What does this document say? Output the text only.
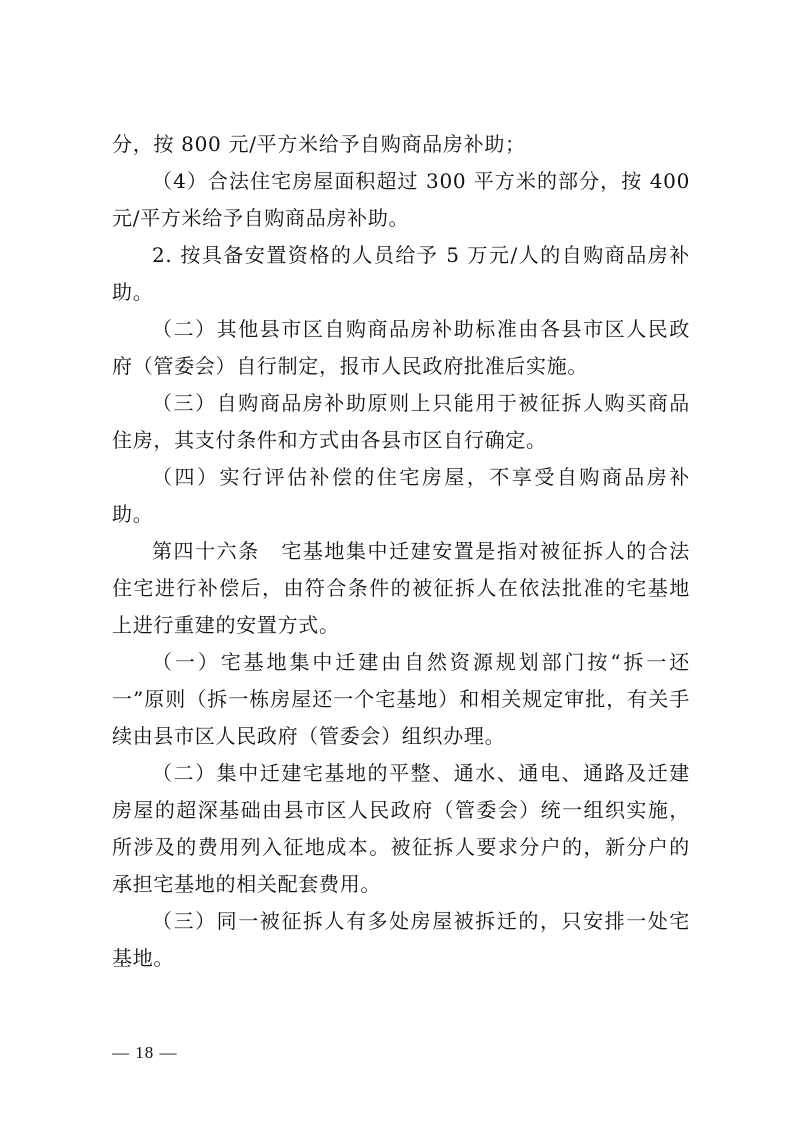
分，按 800 元/平方米给予自购商品房补助；

（4）合法住宅房屋面积超过 300 平方米的部分，按 400 元/平方米给予自购商品房补助。

2. 按具备安置资格的人员给予 5 万元/人的自购商品房补助。

（二）其他县市区自购商品房补助标准由各县市区人民政府（管委会）自行制定，报市人民政府批准后实施。

（三）自购商品房补助原则上只能用于被征拆人购买商品住房，其支付条件和方式由各县市区自行确定。

（四）实行评估补偿的住宅房屋，不享受自购商品房补助。

第四十六条　宅基地集中迁建安置是指对被征拆人的合法住宅进行补偿后，由符合条件的被征拆人在依法批准的宅基地上进行重建的安置方式。

（一）宅基地集中迁建由自然资源规划部门按“拆一还一”原则（拆一栋房屋还一个宅基地）和相关规定审批，有关手续由县市区人民政府（管委会）组织办理。

（二）集中迁建宅基地的平整、通水、通电、通路及迁建房屋的超深基础由县市区人民政府（管委会）统一组织实施，所涉及的费用列入征地成本。被征拆人要求分户的，新分户的承担宅基地的相关配套费用。

（三）同一被征拆人有多处房屋被拆迁的，只安排一处宅基地。

— 18 —
